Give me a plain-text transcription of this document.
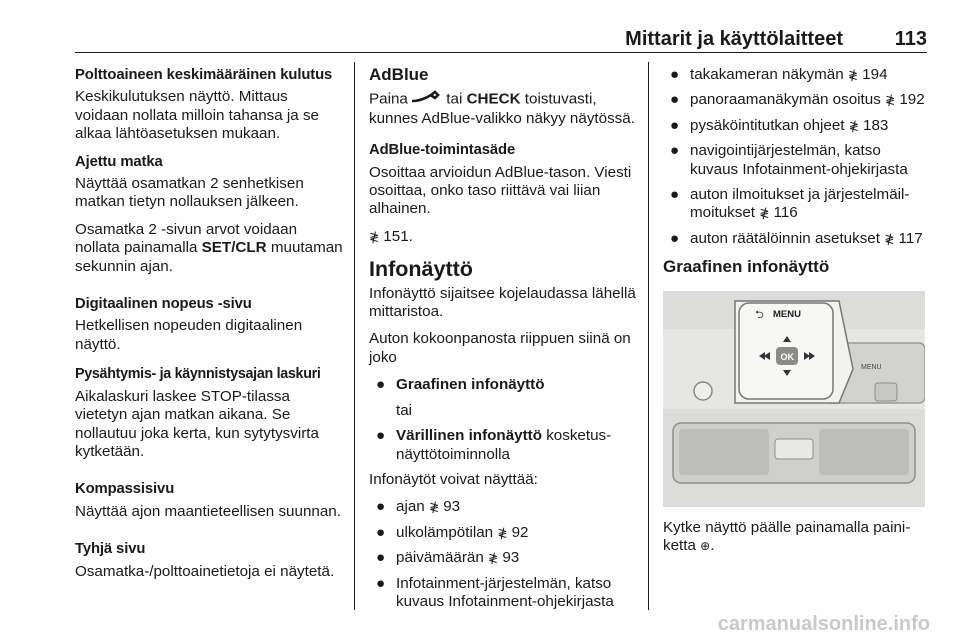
Mittarit ja käyttölaitteet	113
Polttoaineen keskimääräinen kulutus
Keskikulutuksen näyttö. Mittaus voidaan nollata milloin tahansa ja se alkaa lähtöasetuksen mukaan.
Ajettu matka
Näyttää osamatkan 2 senhetkisen matkan tietyn nollauksen jälkeen.
Osamatka 2 -sivun arvot voidaan nollata painamalla SET/CLR muutaman sekunnin ajan.
Digitaalinen nopeus -sivu
Hetkellisen nopeuden digitaalinen näyttö.
Pysähtymis- ja käynnistysajan laskuri
Aikalaskuri laskee STOP-tilassa vietetyn ajan matkan aikana. Se nollautuu joka kerta, kun sytytysvirta kytketään.
Kompassisivu
Näyttää ajon maantieteellisen suunnan.
Tyhjä sivu
Osamatka-/polttoainetietoja ei näytetä.
AdBlue
Paina  tai CHECK toistuvasti, kunnes AdBlue-valikko näkyy näytössä.
AdBlue-toimintasäde
Osoittaa arvioidun AdBlue-tason. Viesti osoittaa, onko taso riittävä vai liian alhainen.
≹ 151.
Infonäyttö
Infonäyttö sijaitsee kojelaudassa lähellä mittaristoa.
Auton kokoonpanosta riippuen siinä on joko
● Graafinen infonäyttö
tai
● Värillinen infonäyttö kosketusnäyttötoiminnolla
Infonäytöt voivat näyttää:
● ajan ≹ 93
● ulkolämpötilan ≹ 92
● päivämäärän ≹ 93
● Infotainment-järjestelmän, katso kuvaus Infotainment-ohjekirjasta
● takakameran näkymän ≹ 194
● panoraamanäkymän osoitus ≹ 192
● pysäköintitutkan ohjeet ≹ 183
● navigointijärjestelmän, katso kuvaus Infotainment-ohjekirjasta
● auton ilmoitukset ja järjestelmäilmoitukset ≹ 116
● auton räätälöinnin asetukset ≹ 117
Graafinen infonäyttö
⮌ MENU
OK
MENU
Kytke näyttö päälle painamalla painiketta ⊕.
carmanualsonline.info
